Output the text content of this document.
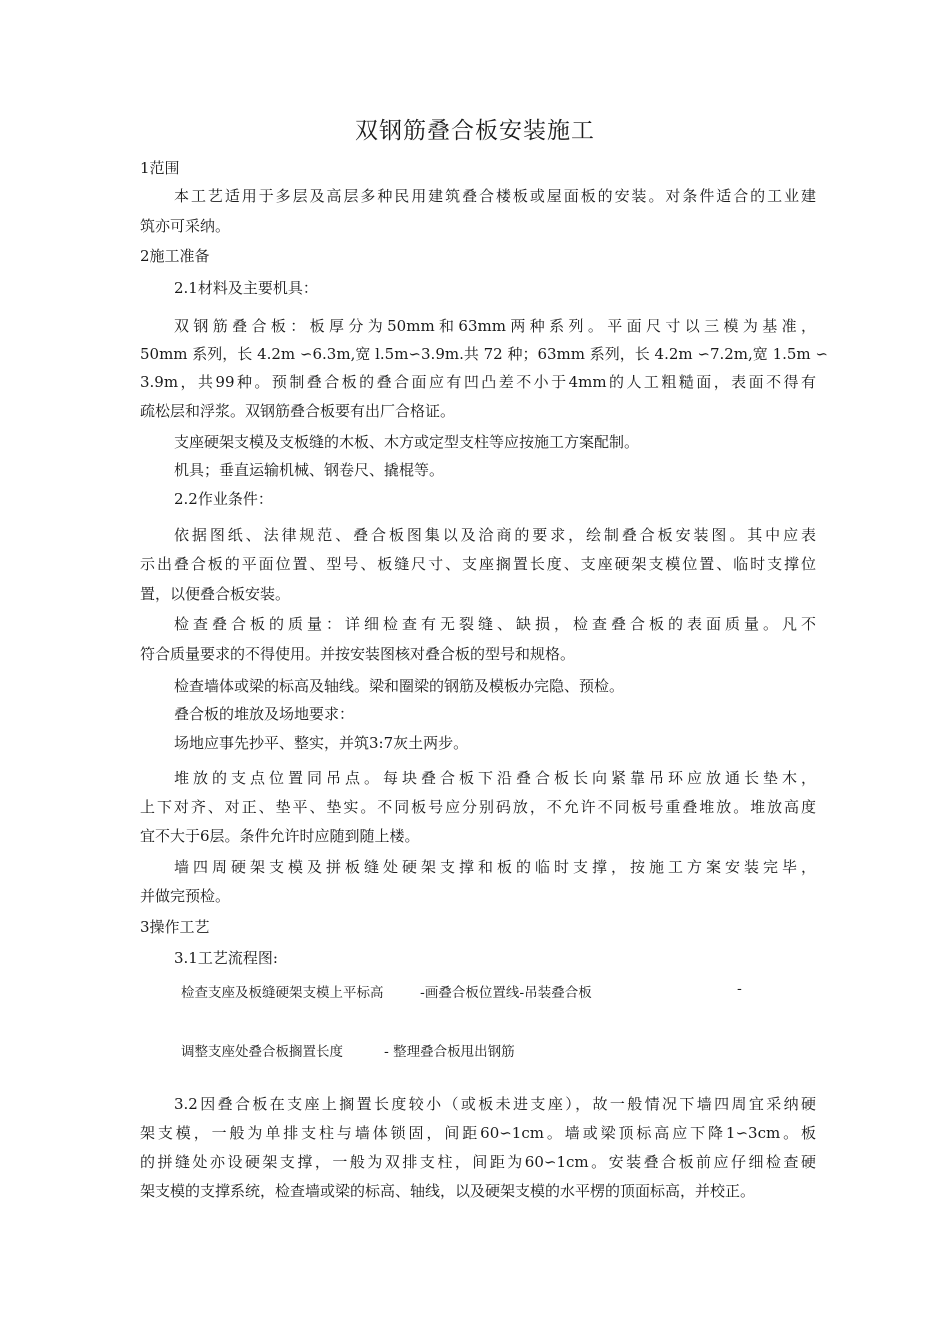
双钢筋叠合板安装施工
1范围
本工艺适用于多层及高层多种民用建筑叠合楼板或屋面板的安装。对条件适合的工业建
筑亦可采纳。
2施工准备
2.1材料及主要机具：
双钢筋叠合板：板厚分为50mm和63mm两种系列。平面尺寸以三模为基准，
50mm 系列，长 4.2m ∽6.3m,宽 l.5m∽3.9m.共 72 种；63mm 系列，长 4.2m ∽7.2m,宽 1.5m ∽
3.9m，共99种。预制叠合板的叠合面应有凹凸差不小于4mm的人工粗糙面，表面不得有
疏松层和浮浆。双钢筋叠合板要有出厂合格证。
支座硬架支模及支板缝的木板、木方或定型支柱等应按施工方案配制。
机具；垂直运输机械、钢卷尺、撬棍等。
2.2作业条件：
依据图纸、法律规范、叠合板图集以及洽商的要求，绘制叠合板安装图。其中应表
示出叠合板的平面位置、型号、板缝尺寸、支座搁置长度、支座硬架支模位置、临时支撑位
置，以便叠合板安装。
检查叠合板的质量：详细检查有无裂缝、缺损，检查叠合板的表面质量。凡不
符合质量要求的不得使用。并按安装图核对叠合板的型号和规格。
检查墙体或梁的标高及轴线。梁和圈梁的钢筋及模板办完隐、预检。
叠合板的堆放及场地要求：
场地应事先抄平、整实，并筑3:7灰土两步。
堆放的支点位置同吊点。每块叠合板下沿叠合板长向紧靠吊环应放通长垫木，
上下对齐、对正、垫平、垫实。不同板号应分别码放，不允许不同板号重叠堆放。堆放高度
宜不大于6层。条件允许时应随到随上楼。
墙四周硬架支模及拼板缝处硬架支撑和板的临时支撑，按施工方案安装完毕，
并做完预检。
3操作工艺
3.1工艺流程图:
检查支座及板缝硬架支模上平标高	-画叠合板位置线-吊装叠合板	-
调整支座处叠合板搁置长度	- 整理叠合板甩出钢筋
3.2因叠合板在支座上搁置长度较小（或板未进支座），故一般情况下墙四周宜采纳硬
架支模，一般为单排支柱与墙体锁固，间距60∽1cm。墙或梁顶标高应下降1∽3cm。板
的拼缝处亦设硬架支撑，一般为双排支柱，间距为60∽1cm。安装叠合板前应仔细检查硬
架支模的支撑系统，检查墙或梁的标高、轴线，以及硬架支模的水平楞的顶面标高，并校正。
